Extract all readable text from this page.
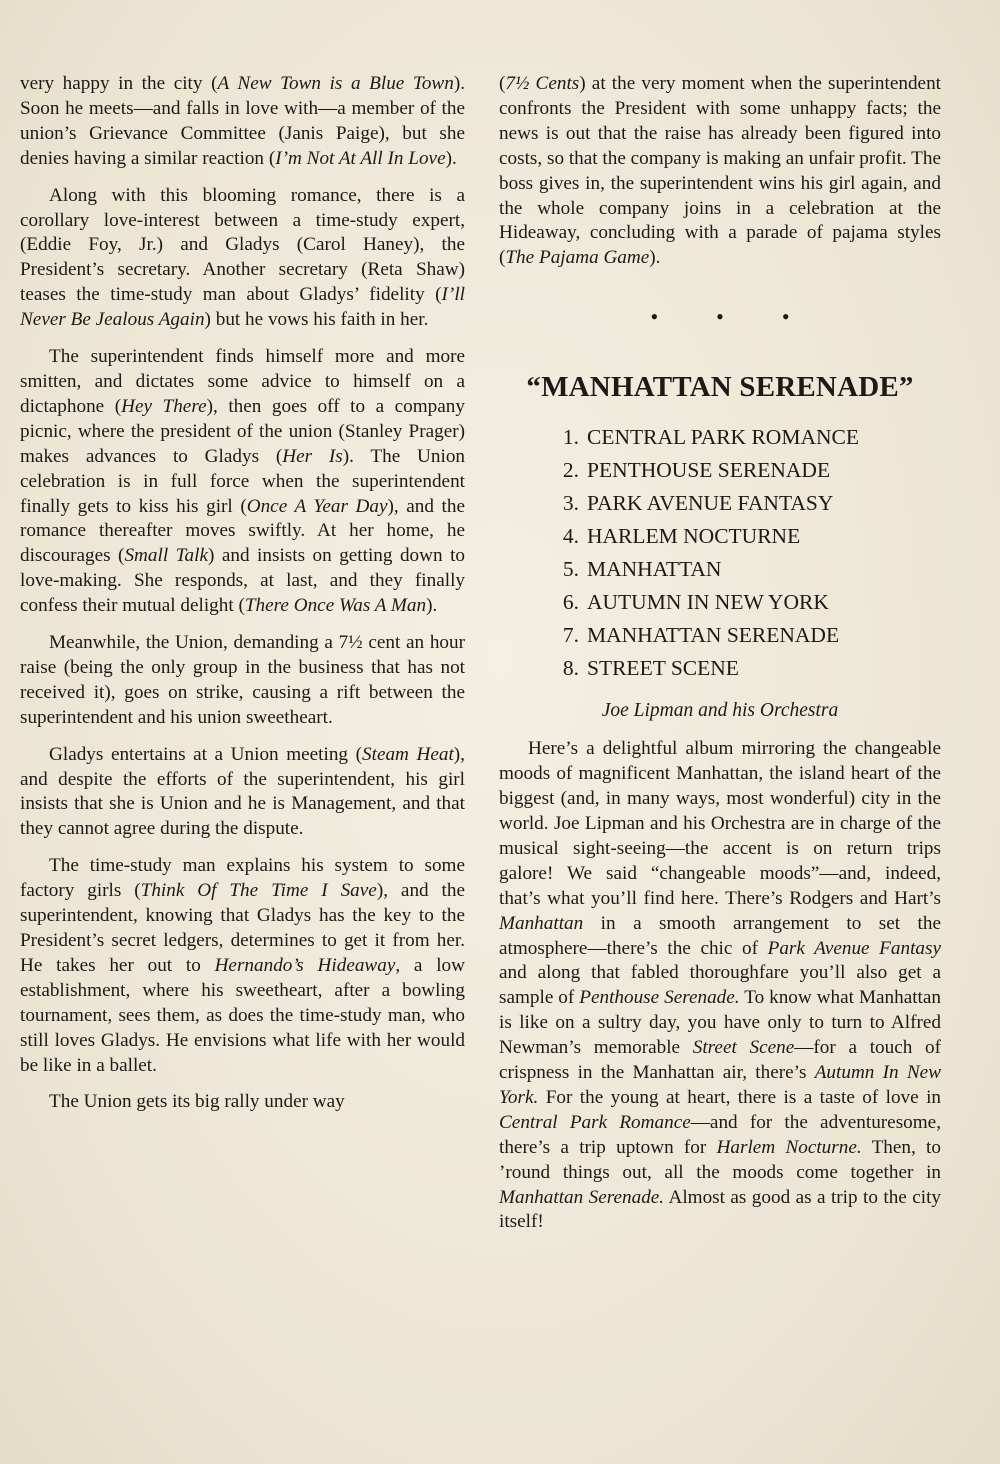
very happy in the city (A New Town is a Blue Town). Soon he meets—and falls in love with—a member of the union’s Grievance Committee (Janis Paige), but she denies having a similar reaction (I’m Not At All In Love).

Along with this blooming romance, there is a corollary love-interest between a time-study expert, (Eddie Foy, Jr.) and Gladys (Carol Haney), the President’s secretary. Another secretary (Reta Shaw) teases the time-study man about Gladys’ fidelity (I’ll Never Be Jealous Again) but he vows his faith in her.

The superintendent finds himself more and more smitten, and dictates some advice to himself on a dictaphone (Hey There), then goes off to a company picnic, where the president of the union (Stanley Prager) makes advances to Gladys (Her Is). The Union celebration is in full force when the superintendent finally gets to kiss his girl (Once A Year Day), and the romance thereafter moves swiftly. At her home, he discourages (Small Talk) and insists on getting down to love-making. She responds, at last, and they finally confess their mutual delight (There Once Was A Man).

Meanwhile, the Union, demanding a 7½ cent an hour raise (being the only group in the business that has not received it), goes on strike, causing a rift between the superintendent and his union sweetheart.

Gladys entertains at a Union meeting (Steam Heat), and despite the efforts of the superintendent, his girl insists that she is Union and he is Management, and that they cannot agree during the dispute.

The time-study man explains his system to some factory girls (Think Of The Time I Save), and the superintendent, knowing that Gladys has the key to the President’s secret ledgers, determines to get it from her. He takes her out to Hernando’s Hideaway, a low establishment, where his sweetheart, after a bowling tournament, sees them, as does the time-study man, who still loves Gladys. He envisions what life with her would be like in a ballet.

The Union gets its big rally under way

(7½ Cents) at the very moment when the superintendent confronts the President with some unhappy facts; the news is out that the raise has already been figured into costs, so that the company is making an unfair profit. The boss gives in, the superintendent wins his girl again, and the whole company joins in a celebration at the Hideaway, concluding with a parade of pajama styles (The Pajama Game).

•	•	•
“MANHATTAN SERENADE”
1. CENTRAL PARK ROMANCE
2. PENTHOUSE SERENADE
3. PARK AVENUE FANTASY
4. HARLEM NOCTURNE
5. MANHATTAN
6. AUTUMN IN NEW YORK
7. MANHATTAN SERENADE
8. STREET SCENE
Joe Lipman and his Orchestra

Here’s a delightful album mirroring the changeable moods of magnificent Manhattan, the island heart of the biggest (and, in many ways, most wonderful) city in the world. Joe Lipman and his Orchestra are in charge of the musical sight-seeing—the accent is on return trips galore! We said “changeable moods”—and, indeed, that’s what you’ll find here. There’s Rodgers and Hart’s Manhattan in a smooth arrangement to set the atmosphere—there’s the chic of Park Avenue Fantasy and along that fabled thoroughfare you’ll also get a sample of Penthouse Serenade. To know what Manhattan is like on a sultry day, you have only to turn to Alfred Newman’s memorable Street Scene—for a touch of crispness in the Manhattan air, there’s Autumn In New York. For the young at heart, there is a taste of love in Central Park Romance—and for the adventuresome, there’s a trip uptown for Harlem Nocturne. Then, to ’round things out, all the moods come together in Manhattan Serenade. Almost as good as a trip to the city itself!
